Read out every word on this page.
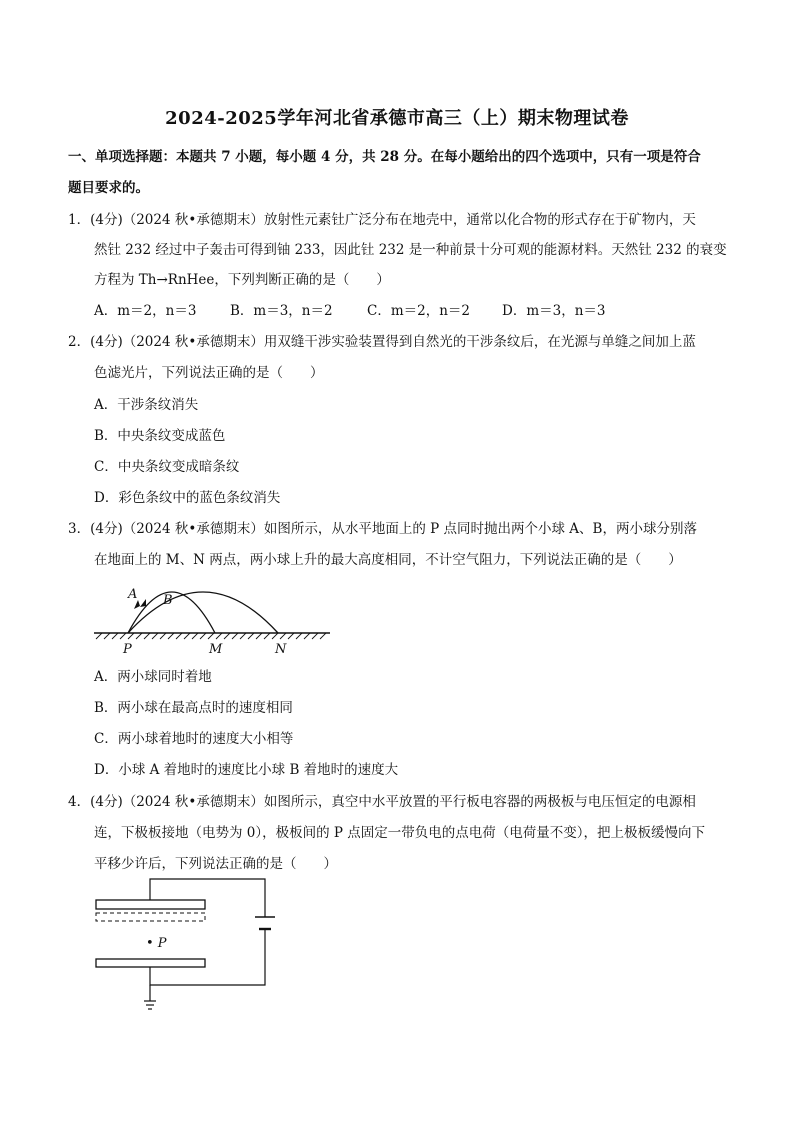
2024-2025学年河北省承德市高三（上）期末物理试卷
一、单项选择题：本题共 7 小题，每小题 4 分，共 28 分。在每小题给出的四个选项中，只有一项是符合
题目要求的。
1．(4分)（2024 秋•承德期末）放射性元素钍广泛分布在地壳中，通常以化合物的形式存在于矿物内，天
然钍 232 经过中子轰击可得到铀 233，因此钍 232 是一种前景十分可观的能源材料。天然钍 232 的衰变
方程为 Th→RnHee，下列判断正确的是（　　）
A．m＝2，n＝3 B．m＝3，n＝2	C．m＝2，n＝2 D．m＝3，n＝3
2．(4分)（2024 秋•承德期末）用双缝干涉实验装置得到自然光的干涉条纹后，在光源与单缝之间加上蓝
色滤光片，下列说法正确的是（　　）
A．干涉条纹消失
B．中央条纹变成蓝色
C．中央条纹变成暗条纹
D．彩色条纹中的蓝色条纹消失
3．(4分)（2024 秋•承德期末）如图所示，从水平地面上的 P 点同时抛出两个小球 A、B，两小球分别落
在地面上的 M、N 两点，两小球上升的最大高度相同，不计空气阻力，下列说法正确的是（　　）
A B
P	M	N
A．两小球同时着地
B．两小球在最高点时的速度相同
C．两小球着地时的速度大小相等
D．小球 A 着地时的速度比小球 B 着地时的速度大
4．(4分)（2024 秋•承德期末）如图所示，真空中水平放置的平行板电容器的两极板与电压恒定的电源相
连，下极板接地（电势为 0），极板间的 P 点固定一带负电的点电荷（电荷量不变），把上极板缓慢向下
平移少许后，下列说法正确的是（　　）
• P
